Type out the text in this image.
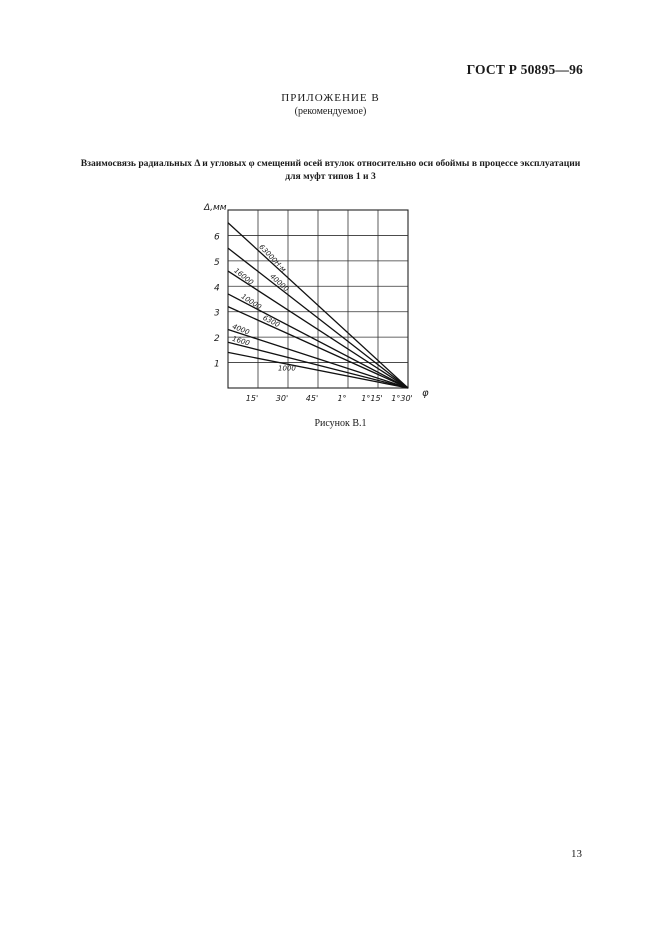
ГОСТ Р 50895—96
ПРИЛОЖЕНИЕ В
(рекомендуемое)
Взаимосвязь радиальных Δ и угловых φ смещений осей втулок относительно оси обоймы в процессе эксплуатации
для муфт типов 1 и 3
63000Н·м
40000
16000
10000
6300
4000
1600
1000
1
2
3
4
5
6
15' 30' 45' 1° 1°15' 1°30'
Δ,мм
φ
Рисунок В.1
13
